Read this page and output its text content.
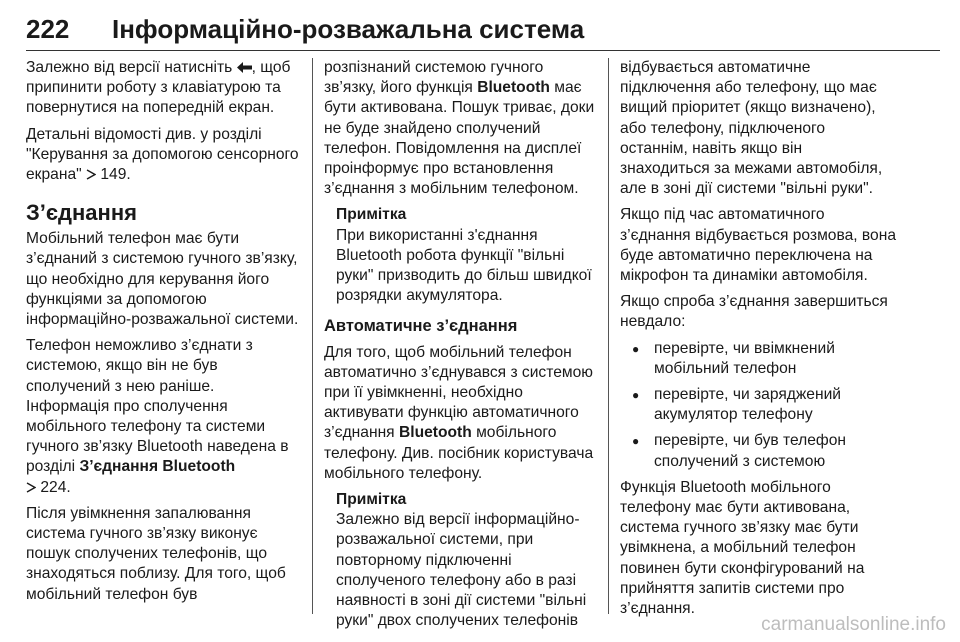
222 Інформаційно-розважальна система

Залежно від версії натисніть , щоб припинити роботу з клавіатурою та повернутися на попередній екран.

Детальні відомості див. у розділі "Керування за допомогою сенсорного екрана"  149.

З’єднання

Мобільний телефон має бути з’єднаний з системою гучного зв’язку, що необхідно для керування його функціями за допомогою інформаційно-розважальної системи.

Телефон неможливо з’єднати з системою, якщо він не був сполучений з нею раніше. Інформація про сполучення мобільного телефону та системи гучного зв’язку Bluetooth наведена в розділі З’єднання Bluetooth
224.

Після увімкнення запалювання система гучного зв’язку виконує пошук сполучених телефонів, що знаходяться поблизу. Для того, щоб мобільний телефон був

розпізнаний системою гучного зв’язку, його функція Bluetooth має бути активована. Пошук триває, доки не буде знайдено сполучений телефон. Повідомлення на дисплеї проінформує про встановлення з’єднання з мобільним телефоном.

Примітка
При використанні з'єднання Bluetooth робота функції "вільні руки" призводить до більш швидкої розрядки акумулятора.
Автоматичне з’єднання

Для того, щоб мобільний телефон автоматично з’єднувався з системою при її увімкненні, необхідно активувати функцію автоматичного з’єднання Bluetooth мобільного телефону. Див. посібник користувача мобільного телефону.

Примітка
Залежно від версії інформаційно-розважальної системи, при повторному підключенні сполученого телефону або в разі наявності в зоні дії системи "вільні руки" двох сполучених телефонів

відбувається автоматичне підключення або телефону, що має вищий пріоритет (якщо визначено), або телефону, підключеного останнім, навіть якщо він знаходиться за межами автомобіля, але в зоні дії системи "вільні руки".

Якщо під час автоматичного з’єднання відбувається розмова, вона буде автоматично переключена на мікрофон та динаміки автомобіля.

Якщо спроба з’єднання завершиться невдало:

● перевірте, чи ввімкнений мобільний телефон
● перевірте, чи заряджений акумулятор телефону
● перевірте, чи був телефон сполучений з системою

Функція Bluetooth мобільного телефону має бути активована, система гучного зв’язку має бути увімкнена, а мобільний телефон повинен бути сконфігурований на прийняття запитів системи про з’єднання.

carmanualsonline.info
